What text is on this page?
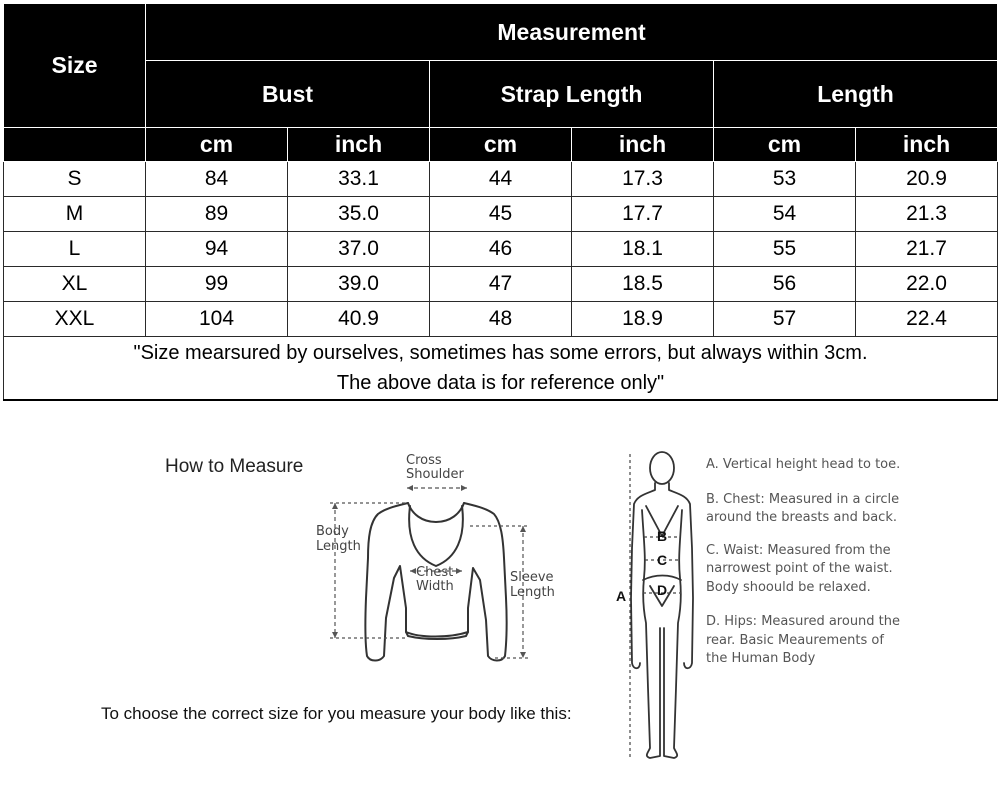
Size	Measurement					
	Bust		Strap Length		Length	
	cm	inch	cm	inch	cm	inch
S	84	33.1	44	17.3	53	20.9
M	89	35.0	45	17.7	54	21.3
L	94	37.0	46	18.1	55	21.7
XL	99	39.0	47	18.5	56	22.0
XXL	104	40.9	48	18.9	57	22.4

"Size mearsured by ourselves, sometimes has some errors, but always within 3cm.
The above data is for reference only"						
How to Measure	Cross
Shoulder
Body
Length
Chest
Width
Sleeve
Length	A
B
C
D
A. Vertical height head to toe.
B. Chest: Measured in a circle around the breasts and back.
C. Waist: Measured from the narrowest point of the waist. Body shoould be relaxed.
D. Hips: Measured around the rear. Basic Meaurements of the Human Body
To choose the correct size for you measure your body like this:
